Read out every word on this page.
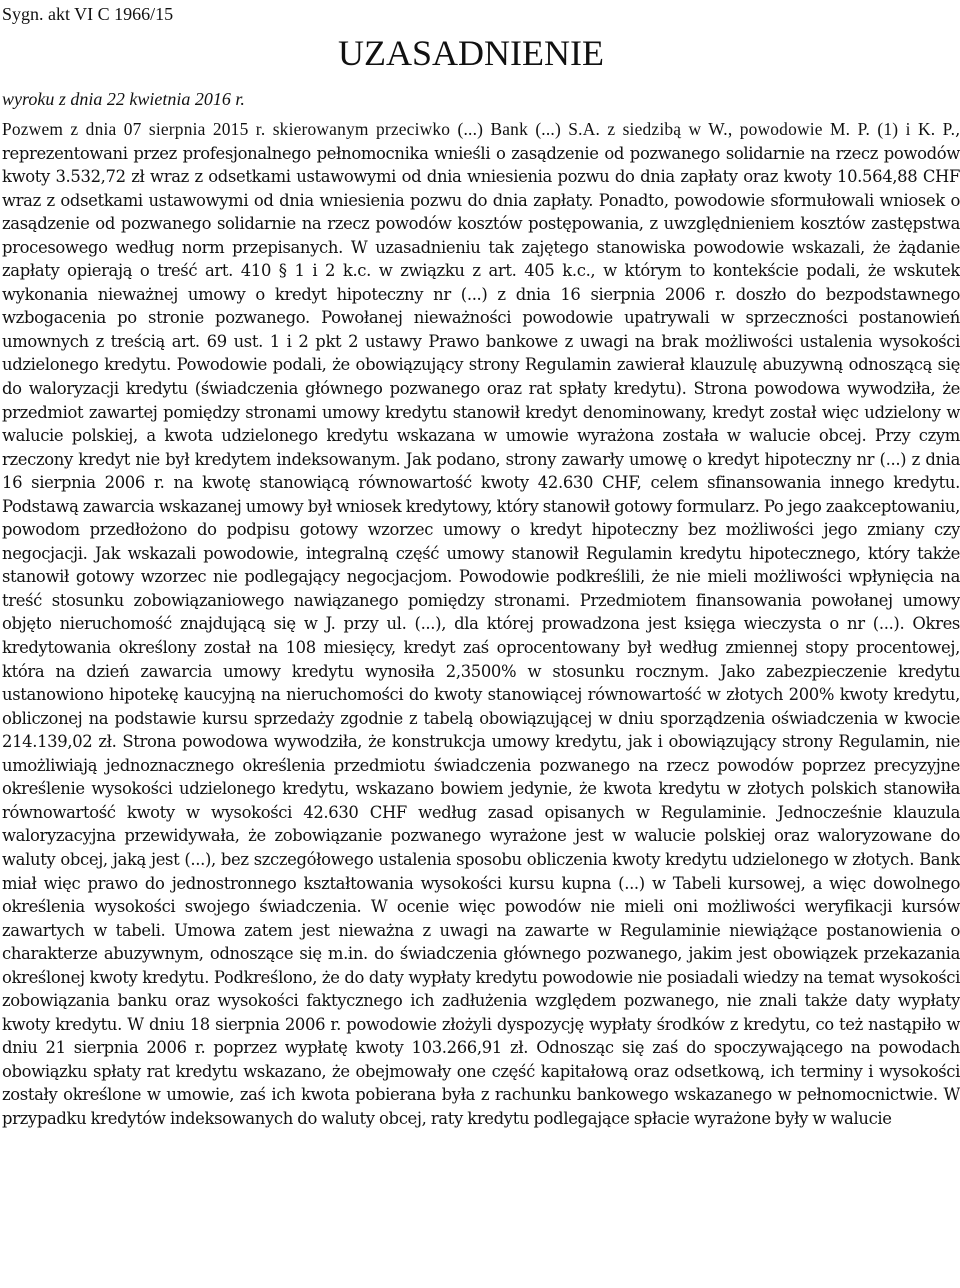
Sygn. akt VI C 1966/15
UZASADNIENIE
wyroku z dnia 22 kwietnia 2016 r.

Pozwem z dnia 07 sierpnia 2015 r. skierowanym przeciwko (...) Bank (...) S.A. z siedzibą w W., powodowie M. P. (1) i K. P., reprezentowani przez profesjonalnego pełnomocnika wnieśli o zasądzenie od pozwanego solidarnie na rzecz powodów kwoty 3.532,72 zł wraz z odsetkami ustawowymi od dnia wniesienia pozwu do dnia zapłaty oraz kwoty 10.564,88 CHF wraz z odsetkami ustawowymi od dnia wniesienia pozwu do dnia zapłaty. Ponadto, powodowie sformułowali wniosek o zasądzenie od pozwanego solidarnie na rzecz powodów kosztów postępowania, z uwzględnieniem kosztów zastępstwa procesowego według norm przepisanych. W uzasadnieniu tak zajętego stanowiska powodowie wskazali, że żądanie zapłaty opierają o treść art. 410 § 1 i 2 k.c. w związku z art. 405 k.c., w którym to kontekście podali, że wskutek wykonania nieważnej umowy o kredyt hipoteczny nr (...) z dnia 16 sierpnia 2006 r. doszło do bezpodstawnego wzbogacenia po stronie pozwanego. Powołanej nieważności powodowie upatrywali w sprzeczności postanowień umownych z treścią art. 69 ust. 1 i 2 pkt 2 ustawy Prawo bankowe z uwagi na brak możliwości ustalenia wysokości udzielonego kredytu. Powodowie podali, że obowiązujący strony Regulamin zawierał klauzulę abuzywną odnoszącą się do waloryzacji kredytu (świadczenia głównego pozwanego oraz rat spłaty kredytu). Strona powodowa wywodziła, że przedmiot zawartej pomiędzy stronami umowy kredytu stanowił kredyt denominowany, kredyt został więc udzielony w walucie polskiej, a kwota udzielonego kredytu wskazana w umowie wyrażona została w walucie obcej. Przy czym rzeczony kredyt nie był kredytem indeksowanym. Jak podano, strony zawarły umowę o kredyt hipoteczny nr (...) z dnia 16 sierpnia 2006 r. na kwotę stanowiącą równowartość kwoty 42.630 CHF, celem sfinansowania innego kredytu. Podstawą zawarcia wskazanej umowy był wniosek kredytowy, który stanowił gotowy formularz. Po jego zaakceptowaniu, powodom przedłożono do podpisu gotowy wzorzec umowy o kredyt hipoteczny bez możliwości jego zmiany czy negocjacji. Jak wskazali powodowie, integralną część umowy stanowił Regulamin kredytu hipotecznego, który także stanowił gotowy wzorzec nie podlegający negocjacjom. Powodowie podkreślili, że nie mieli możliwości wpłynięcia na treść stosunku zobowiązaniowego nawiązanego pomiędzy stronami. Przedmiotem finansowania powołanej umowy objęto nieruchomość znajdującą się w J. przy ul. (...), dla której prowadzona jest księga wieczysta o nr (...). Okres kredytowania określony został na 108 miesięcy, kredyt zaś oprocentowany był według zmiennej stopy procentowej, która na dzień zawarcia umowy kredytu wynosiła 2,3500% w stosunku rocznym. Jako zabezpieczenie kredytu ustanowiono hipotekę kaucyjną na nieruchomości do kwoty stanowiącej równowartość w złotych 200% kwoty kredytu, obliczonej na podstawie kursu sprzedaży zgodnie z tabelą obowiązującej w dniu sporządzenia oświadczenia w kwocie 214.139,02 zł. Strona powodowa wywodziła, że konstrukcja umowy kredytu, jak i obowiązujący strony Regulamin, nie umożliwiają jednoznacznego określenia przedmiotu świadczenia pozwanego na rzecz powodów poprzez precyzyjne określenie wysokości udzielonego kredytu, wskazano bowiem jedynie, że kwota kredytu w złotych polskich stanowiła równowartość kwoty w wysokości 42.630 CHF według zasad opisanych w Regulaminie. Jednocześnie klauzula waloryzacyjna przewidywała, że zobowiązanie pozwanego wyrażone jest w walucie polskiej oraz waloryzowane do waluty obcej, jaką jest (...), bez szczegółowego ustalenia sposobu obliczenia kwoty kredytu udzielonego w złotych. Bank miał więc prawo do jednostronnego kształtowania wysokości kursu kupna (...) w Tabeli kursowej, a więc dowolnego określenia wysokości swojego świadczenia. W ocenie więc powodów nie mieli oni możliwości weryfikacji kursów zawartych w tabeli. Umowa zatem jest nieważna z uwagi na zawarte w Regulaminie niewiążące postanowienia o charakterze abuzywnym, odnoszące się m.in. do świadczenia głównego pozwanego, jakim jest obowiązek przekazania określonej kwoty kredytu. Podkreślono, że do daty wypłaty kredytu powodowie nie posiadali wiedzy na temat wysokości zobowiązania banku oraz wysokości faktycznego ich zadłużenia względem pozwanego, nie znali także daty wypłaty kwoty kredytu. W dniu 18 sierpnia 2006 r. powodowie złożyli dyspozycję wypłaty środków z kredytu, co też nastąpiło w dniu 21 sierpnia 2006 r. poprzez wypłatę kwoty 103.266,91 zł. Odnosząc się zaś do spoczywającego na powodach obowiązku spłaty rat kredytu wskazano, że obejmowały one część kapitałową oraz odsetkową, ich terminy i wysokości zostały określone w umowie, zaś ich kwota pobierana była z rachunku bankowego wskazanego w pełnomocnictwie. W przypadku kredytów indeksowanych do waluty obcej, raty kredytu podlegające spłacie wyrażone były w walucie
